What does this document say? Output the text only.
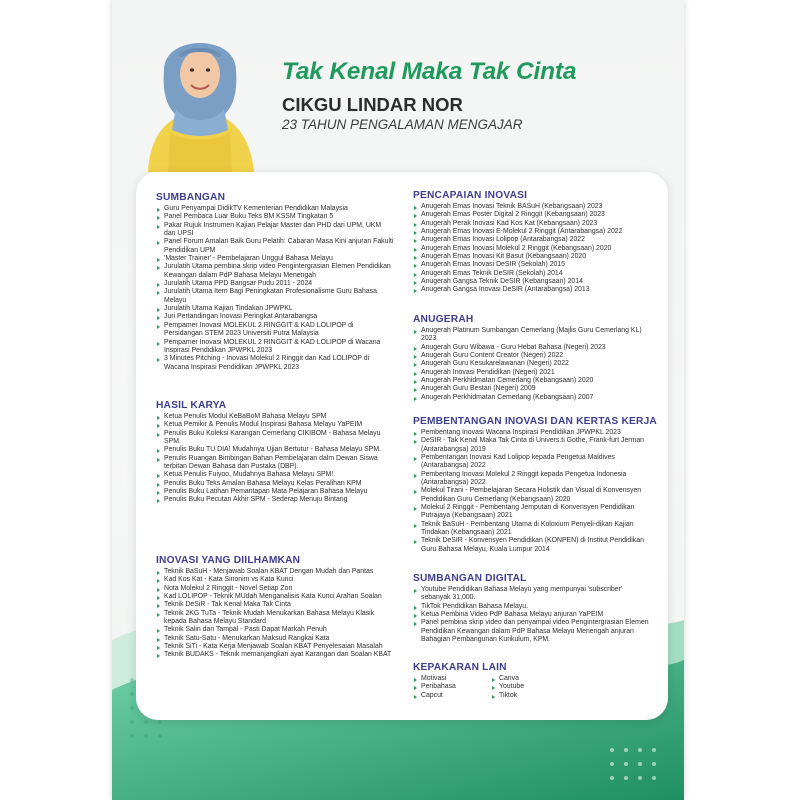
Tak Kenal Maka Tak Cinta
CIKGU LINDAR NOR
23 TAHUN PENGALAMAN MENGAJAR
SUMBANGAN
Guru Penyampai DidikTV Kementerian Pendidikan Malaysia
Panel Pembaca Luar Buku Teks BM KSSM Tingkatan 5
Pakar Rujuk Instrumen Kajian Pelajar Master dan PHD dari UPM, UKM dan UPSI
Panel Forum Amalan Baik Guru Pelatih: Cabaran Masa Kini anjuran Fakulti Pendidikan UPM
'Master Trainer' - Pembelajaran Unggul Bahasa Melayu
Jurulatih Utama pembina skrip video Pengintergrasian Elemen Pendidikan Kewangan dalam PdP Bahasa Melayu Menengah
Jurulatih Utama PPD Bangsar Pudu 2011 - 2024
Jurulatih Utama Item Bagi Peningkatan Profesionalisme Guru Bahasa Melayu
Jurulatih Utama Kajian Tindakan JPWPKL
Juri Pertandingan Inovasi Peringkat Antarabangsa
Pempamer Inovasi MOLEKUL 2 RINGGIT & KAD LOLIPOP di Persidangan STEM 2023 Universiti Putra Malaysia
Pempamer Inovasi MOLEKUL 2 RINGGIT & KAD LOLIPOP di Wacana Inspirasi Pendidikan JPWPKL 2023
3 Minutes Pitching - Inovasi Molekul 2 Ringgit dan Kad LOLIPOP di Wacana Inspirasi Pendidikan JPWPKL 2023
HASIL KARYA
Ketua Penulis Modul KeBaBoM Bahasa Melayu SPM
Ketua Pemikir & Penulis Modul Inspirasi Bahasa Melayu YaPEIM
Penulis Buku Koleksi Karangan Cemerlang CIKIBOM - Bahasa Melayu SPM.
Penulis Buku TU DIA! Mudahnya Ujian Bertutur - Bahasa Melayu SPM.
Penulis Ruangan Bimbingan Bahan Pembelajaran dalm Dewan Siswa terbitan Dewan Bahasa dan Pustaka (DBP).
Ketua Penulis Fuiyoo, Mudahnya Bahasa Melayu SPM!
Penulis Buku Teks Amalan Bahasa Melayu Kelas Peralihan KPM
Penulis Buku Latihan Pemantapan Mata Pelajaran Bahasa Melayu
Penulis Buku Pecutan Akhir SPM - Sederap Menuju Bintang
INOVASI YANG DIILHAMKAN
Teknik BaSuH - Menjawab Soalan KBAT Dengan Mudah dan Pantas
Kad Kos Kat - Kata Sinonim vs Kata Kunci
Nota Molekul 2 Ringgit - Novel Setiap Zon
Kad LOLIPOP - Teknik MUdah Menganalisis Kata Kunci Arahan Soalan
Teknik DeSiR - Tak Kenal Maka Tak Cinta
Teknik 2KG TuTa - Teknik Mudah Menukarkan Bahasa Melayu Klasik kepada Bahasa Melayu Standard
Teknik Salin dan Tampal - Pasti Dapat Markah Penuh
Teknik Satu-Satu - Menukarkan Maksud Rangkai Kata
Teknik SiTi - Kata Kerja Menjawab Soalan KBAT Penyelesaian Masalah
Teknik BUDAKS - Teknik memanjangkan ayat Karangan dan Soalan KBAT
PENCAPAIAN INOVASI
Anugerah Emas Inovasi Teknik BASuH (Kebangsaan) 2023
Anugerah Emas Poster Digital 2 Ringgit (Kebangsaan) 2023
Anugerah Perak Inovasi Kad Kos Kat (Kebangsaan) 2023
Anugerah Emas Inovasi E-Molekul 2 Ringgit (Antarabangsa) 2022
Anugerah Emas Inovasi Lolipop (Antarabangsa) 2022
Anugerah Emas Inovasi Molekul 2 Ringgit (Kebangsaan) 2020
Anugerah Emas Inovasi Kit Basut (Kebangsaan) 2020
Anugerah Emas Inovasi DeSIR (Sekolah) 2015
Anugerah Emas Teknik DeSIR (Sekolah) 2014
Anugerah Gangsa Teknik DeSIR (Kebangsaan) 2014
Anugerah Gangsa Inovasi DeSIR (Antarabangsa) 2013
ANUGERAH
Anugerah Platinum Sumbangan Cemerlang (Majlis Guru Cemerlang KL) 2023
Anugerah Guru Wibawa - Guru Hebat Bahasa (Negeri) 2023
Anugerah Guru Content Creator (Negeri) 2022
Anugerah Guru Kesukarelawanan (Negeri) 2022
Anugerah Inovasi Pendidikan (Negeri) 2021
Anugerah Perkhidmatan Cemerlang (Kebangsaan) 2020
Anugerah Guru Bestari (Negeri) 2009
Anugerah Perkhidmatan Cemerlang (Kebangsaan) 2007
PEMBENTANGAN INOVASI DAN KERTAS KERJA
Pembentang Inovasi Wacana Inspirasi Pendidikan JPWPKL 2023
DeSIR - Tak Kenal Maka Tak Cinta di Univers.ti Gothe, Frank-furt Jerman (Antarabangsa) 2019
Pembentangan Inovasi Kad Lolipop kepada Pengetua Maldives (Antarabangsa) 2022
Pembentang Inovasi Molekul 2 Ringgit kepada Pengetua Indonesia (Antarabangsa) 2022
Molekul Tirani - Pembelajaran Secara Holistik dan Visual di Konvensyen Pendidikan Guru Cemerlang (Kebangsaan) 2020
Molekul 2 Ringgit - Pembentang Jemputan di Konvensyen Pendidikan Putrajaya (Kebangsaan) 2021
Teknik BaSuH - Pembentang Utama di Koloxium Penyeli-dikan Kajian Tindakan (Kebangsaan) 2021
Teknik DeSIR - Konvensyen Pendidikan (KONPEN) di Institut Pendidikan Guru Bahasa Melayu, Kuala Lumpur 2014
SUMBANGAN DIGITAL
Youtube Pendidikan Bahasa Melayu yang mempunyai 'subscriber' sebanyak 31,000.
TikTok Pendidikan Bahasa Melayu.
Ketua Pembina Video PdP Bahasa Melayu anjuran YaPEIM
Panel pembina skrip video dan penyampai video Pengintergrasian Elemen Pendidikan Kewangan dalam PdP Bahasa Melayu Menengah anjuran Bahagian Pembangunan Kurikulum, KPM.
KEPAKARAN LAIN
Motivasi
Peribahasa
Capcut
Canva
Youtube
Tiktok
